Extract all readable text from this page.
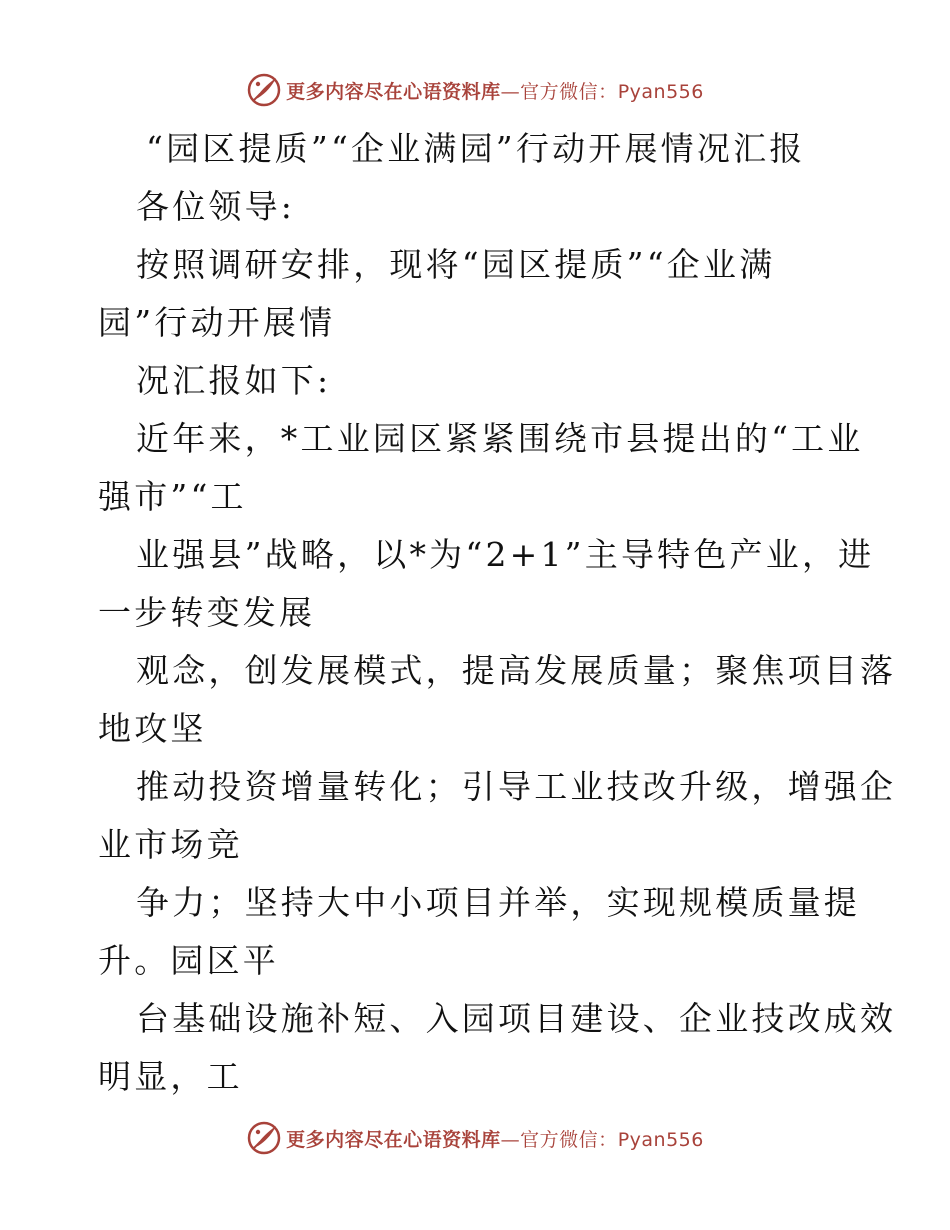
更多内容尽在心语资料库—官方微信：Pyan556
“园区提质”“企业满园”行动开展情况汇报
各位领导:
按照调研安排，现将“园区提质”“企业满
园”行动开展情
况汇报如下:
近年来，*工业园区紧紧围绕市县提出的“工业
强市”“工
业强县”战略，以*为“2+1”主导特色产业，进
一步转变发展
观念，创发展模式，提高发展质量；聚焦项目落
地攻坚
推动投资增量转化；引导工业技改升级，增强企
业市场竞
争力；坚持大中小项目并举，实现规模质量提
升。园区平
台基础设施补短、入园项目建设、企业技改成效
明显，工
更多内容尽在心语资料库—官方微信：Pyan556
